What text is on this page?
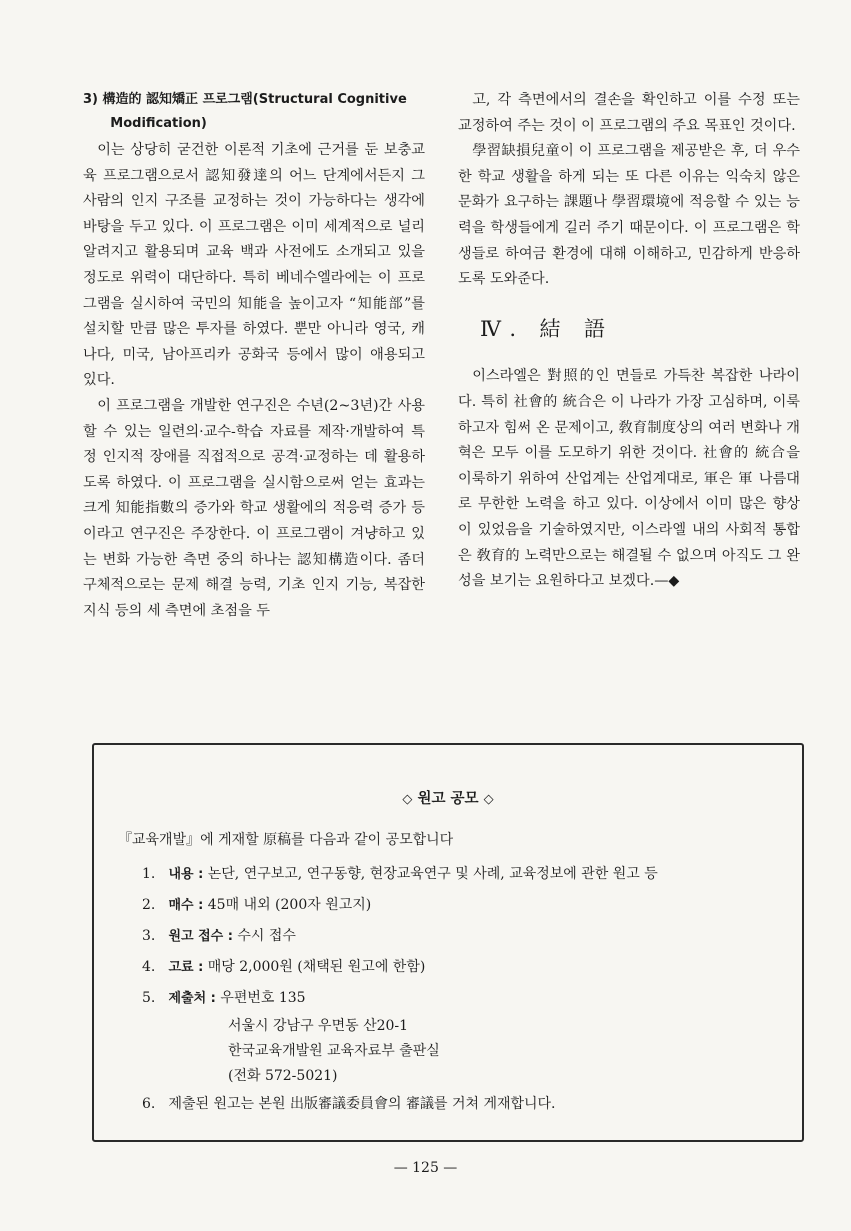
3) 構造的 認知矯正 프로그램(Structural Cognitive
Modification)

이는 상당히 굳건한 이론적 기초에 근거를 둔 보충교육 프로그램으로서 認知發達의 어느 단계에서든지 그 사람의 인지 구조를 교정하는 것이 가능하다는 생각에 바탕을 두고 있다. 이 프로그램은 이미 세계적으로 널리 알려지고 활용되며 교육 백과 사전에도 소개되고 있을 정도로 위력이 대단하다. 특히 베네수엘라에는 이 프로그램을 실시하여 국민의 知能을 높이고자 “知能部”를 설치할 만큼 많은 투자를 하였다. 뿐만 아니라 영국, 캐나다, 미국, 남아프리카 공화국 등에서 많이 애용되고 있다.

이 프로그램을 개발한 연구진은 수년(2~3년)간 사용할 수 있는 일련의·교수-학습 자료를 제작·개발하여 특정 인지적 장애를 직접적으로 공격·교정하는 데 활용하도록 하였다. 이 프로그램을 실시함으로써 얻는 효과는 크게 知能指數의 증가와 학교 생활에의 적응력 증가 등이라고 연구진은 주장한다. 이 프로그램이 겨냥하고 있는 변화 가능한 측면 중의 하나는 認知構造이다. 좀더 구체적으로는 문제 해결 능력, 기초 인지 기능, 복잡한 지식 등의 세 측면에 초점을 두

고, 각 측면에서의 결손을 확인하고 이를 수정 또는 교정하여 주는 것이 이 프로그램의 주요 목표인 것이다.

學習缺損兒童이 이 프로그램을 제공받은 후, 더 우수한 학교 생활을 하게 되는 또 다른 이유는 익숙치 않은 문화가 요구하는 課題나 學習環境에 적응할 수 있는 능력을 학생들에게 길러 주기 때문이다. 이 프로그램은 학생들로 하여금 환경에 대해 이해하고, 민감하게 반응하도록 도와준다.

Ⅳ. 結 語

이스라엘은 對照的인 면들로 가득찬 복잡한 나라이다. 특히 社會的 統合은 이 나라가 가장 고심하며, 이룩하고자 힘써 온 문제이고, 敎育制度상의 여러 변화나 개혁은 모두 이를 도모하기 위한 것이다. 社會的 統合을 이룩하기 위하여 산업계는 산업계대로, 軍은 軍 나름대로 무한한 노력을 하고 있다. 이상에서 이미 많은 향상이 있었음을 기술하였지만, 이스라엘 내의 사회적 통합은 敎育的 노력만으로는 해결될 수 없으며 아직도 그 완성을 보기는 요원하다고 보겠다.—◆

◇ 원고 공모 ◇
『교육개발』에 게재할 原稿를 다음과 같이 공모합니다
1. 내용 : 논단, 연구보고, 연구동향, 현장교육연구 및 사례, 교육정보에 관한 원고 등
2. 매수 : 45매 내외 (200자 원고지)
3. 원고 접수 : 수시 접수
4. 고료 : 매당 2,000원 (채택된 원고에 한함)
5. 제출처 : 우편번호 135
서울시 강남구 우면동 산20-1
한국교육개발원 교육자료부 출판실
(전화 572-5021)
6. 제출된 원고는 본원 出版審議委員會의 審議를 거쳐 게재합니다.
— 125 —
